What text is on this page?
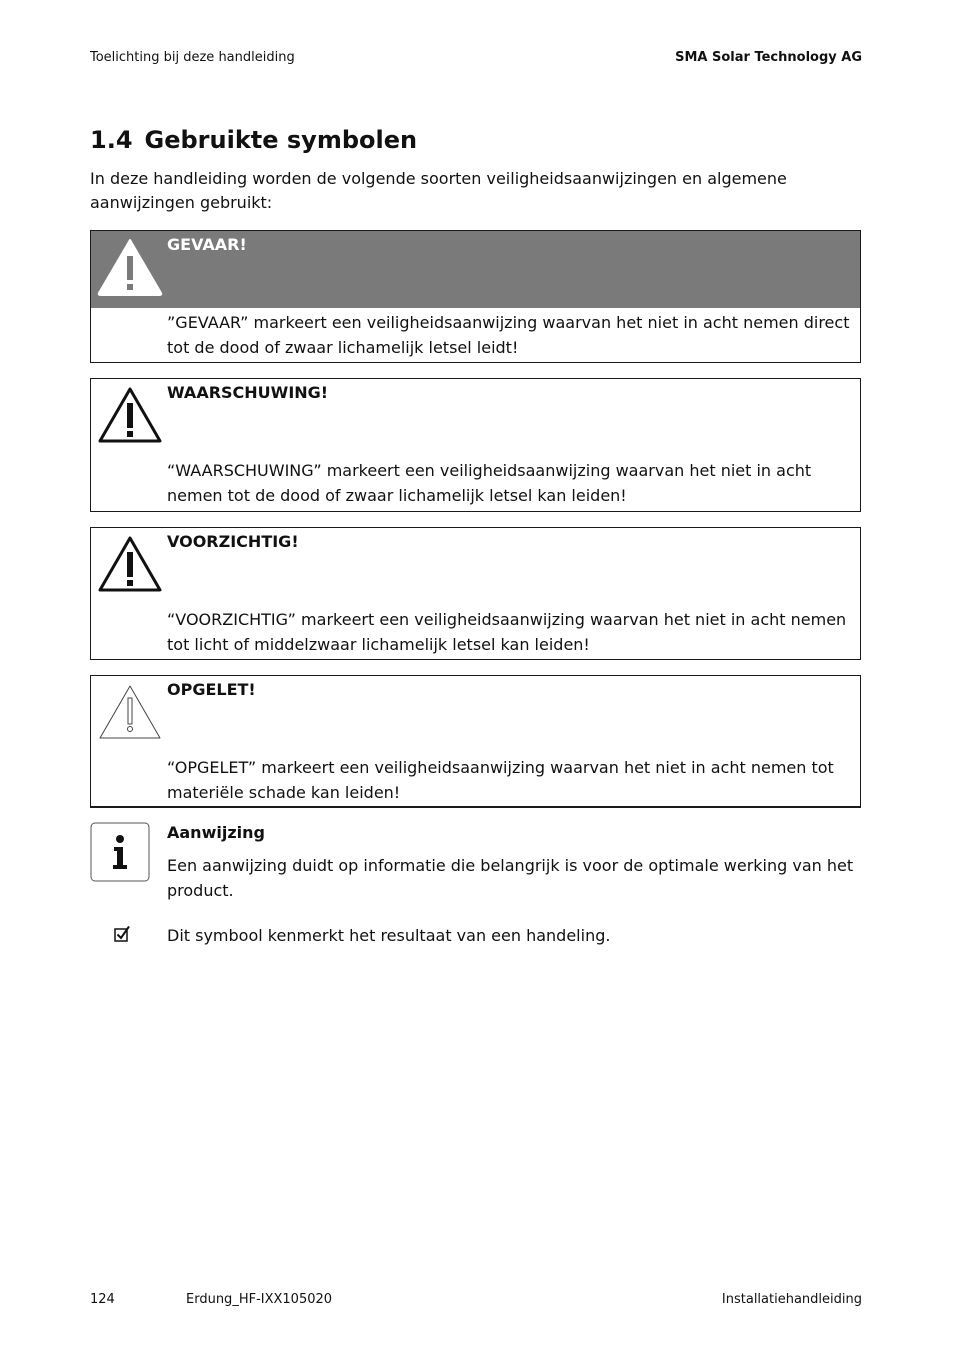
Toelichting bij deze handleiding	SMA Solar Technology AG
1.4 Gebruikte symbolen

In deze handleiding worden de volgende soorten veiligheidsaanwijzingen en algemene aanwijzingen gebruikt:

GEVAAR!

”GEVAAR” markeert een veiligheidsaanwijzing waarvan het niet in acht nemen direct tot de dood of zwaar lichamelijk letsel leidt!

WAARSCHUWING!

“WAARSCHUWING” markeert een veiligheidsaanwijzing waarvan het niet in acht nemen tot de dood of zwaar lichamelijk letsel kan leiden!

VOORZICHTIG!

“VOORZICHTIG” markeert een veiligheidsaanwijzing waarvan het niet in acht nemen tot licht of middelzwaar lichamelijk letsel kan leiden!

OPGELET!

“OPGELET” markeert een veiligheidsaanwijzing waarvan het niet in acht nemen tot materiële schade kan leiden!

Aanwijzing

Een aanwijzing duidt op informatie die belangrijk is voor de optimale werking van het product.

Dit symbool kenmerkt het resultaat van een handeling.
124	Erdung_HF-IXX105020	Installatiehandleiding
